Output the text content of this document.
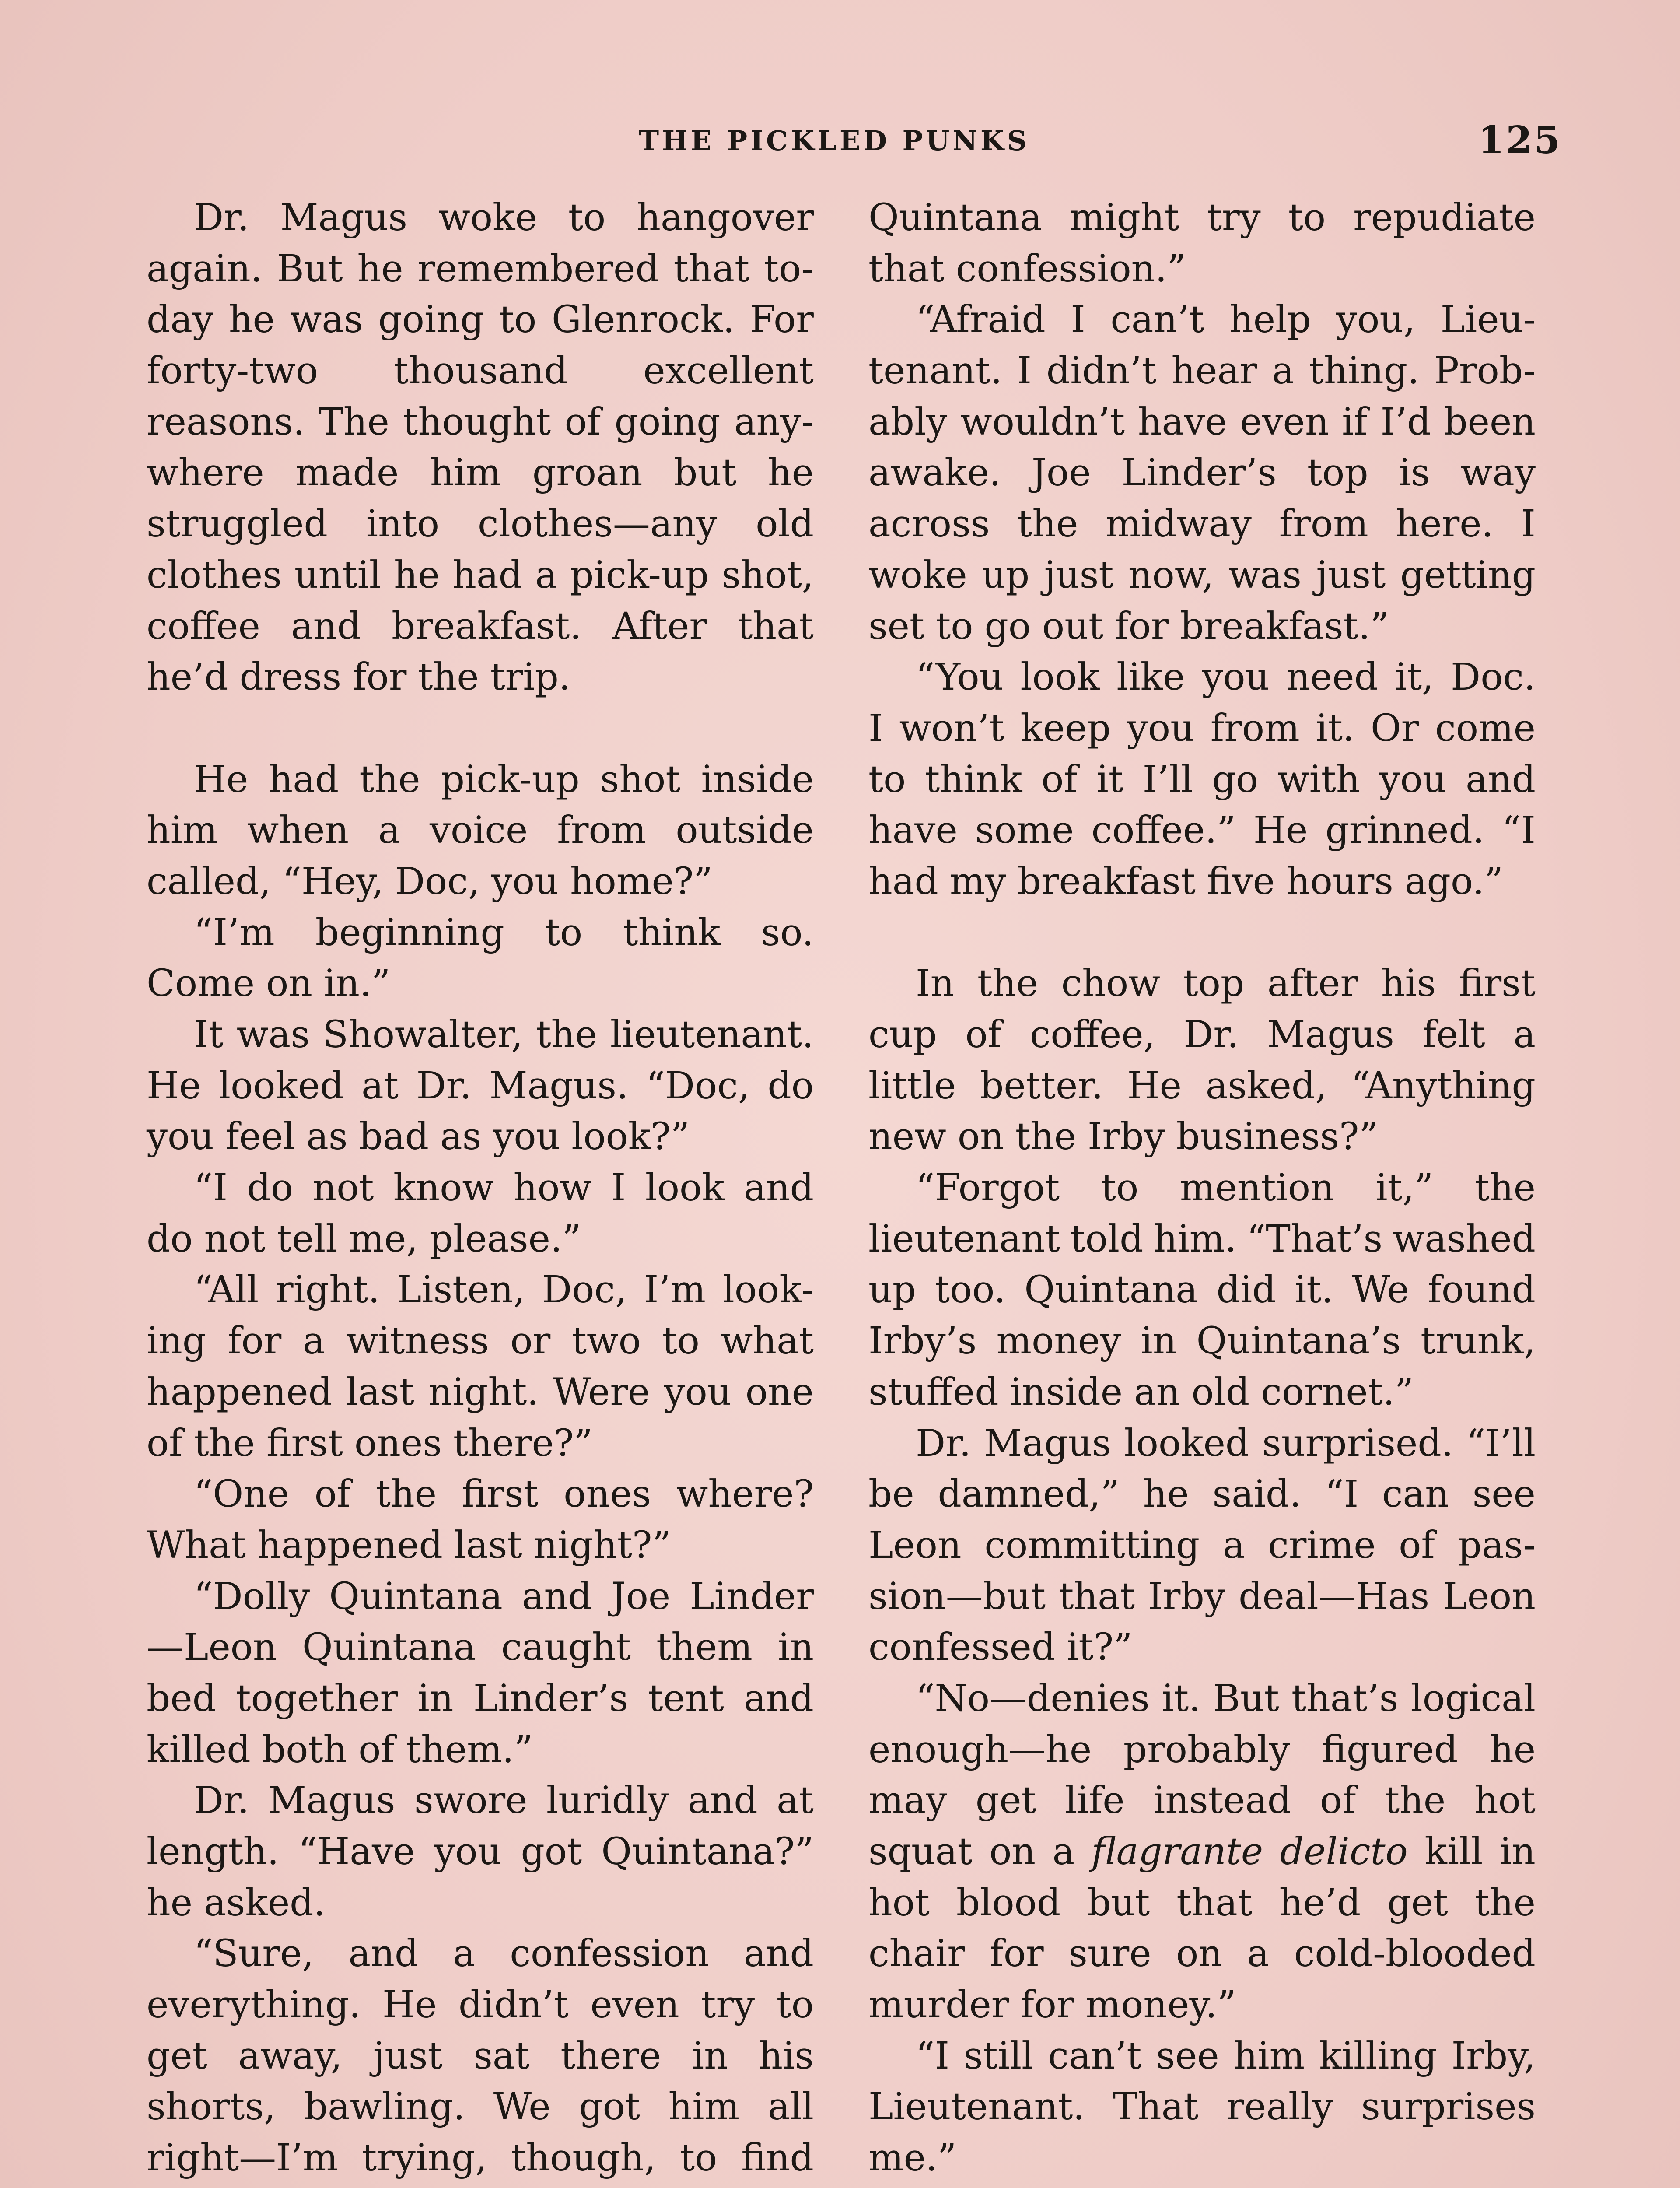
THE PICKLED PUNKS	125
Dr. Magus woke to hangover
again. But he remembered that to-
day he was going to Glenrock. For
forty-two thousand excellent
reasons. The thought of going any-
where made him groan but he
struggled into clothes—any old
clothes until he had a pick-up shot,
coffee and breakfast. After that
he’d dress for the trip.
He had the pick-up shot inside
him when a voice from outside
called, “Hey, Doc, you home?”
“I’m beginning to think so.
Come on in.”
It was Showalter, the lieutenant.
He looked at Dr. Magus. “Doc, do
you feel as bad as you look?”
“I do not know how I look and
do not tell me, please.”
“All right. Listen, Doc, I’m look-
ing for a witness or two to what
happened last night. Were you one
of the first ones there?”
“One of the first ones where?
What happened last night?”
“Dolly Quintana and Joe Linder
—Leon Quintana caught them in
bed together in Linder’s tent and
killed both of them.”
Dr. Magus swore luridly and at
length. “Have you got Quintana?”
he asked.
“Sure, and a confession and
everything. He didn’t even try to
get away, just sat there in his
shorts, bawling. We got him all
right—I’m trying, though, to find
Quintana might try to repudiate
that confession.”
“Afraid I can’t help you, Lieu-
tenant. I didn’t hear a thing. Prob-
ably wouldn’t have even if I’d been
awake. Joe Linder’s top is way
across the midway from here. I
woke up just now, was just getting
set to go out for breakfast.”
“You look like you need it, Doc.
I won’t keep you from it. Or come
to think of it I’ll go with you and
have some coffee.” He grinned. “I
had my breakfast five hours ago.”
In the chow top after his first
cup of coffee, Dr. Magus felt a
little better. He asked, “Anything
new on the Irby business?”
“Forgot to mention it,” the
lieutenant told him. “That’s washed
up too. Quintana did it. We found
Irby’s money in Quintana’s trunk,
stuffed inside an old cornet.”
Dr. Magus looked surprised. “I’ll
be damned,” he said. “I can see
Leon committing a crime of pas-
sion—but that Irby deal—Has Leon
confessed it?”
“No—denies it. But that’s logical
enough—he probably figured he
may get life instead of the hot
squat on a flagrante delicto kill in
hot blood but that he’d get the
chair for sure on a cold-blooded
murder for money.”
“I still can’t see him killing Irby,
Lieutenant. That really surprises
me.”
